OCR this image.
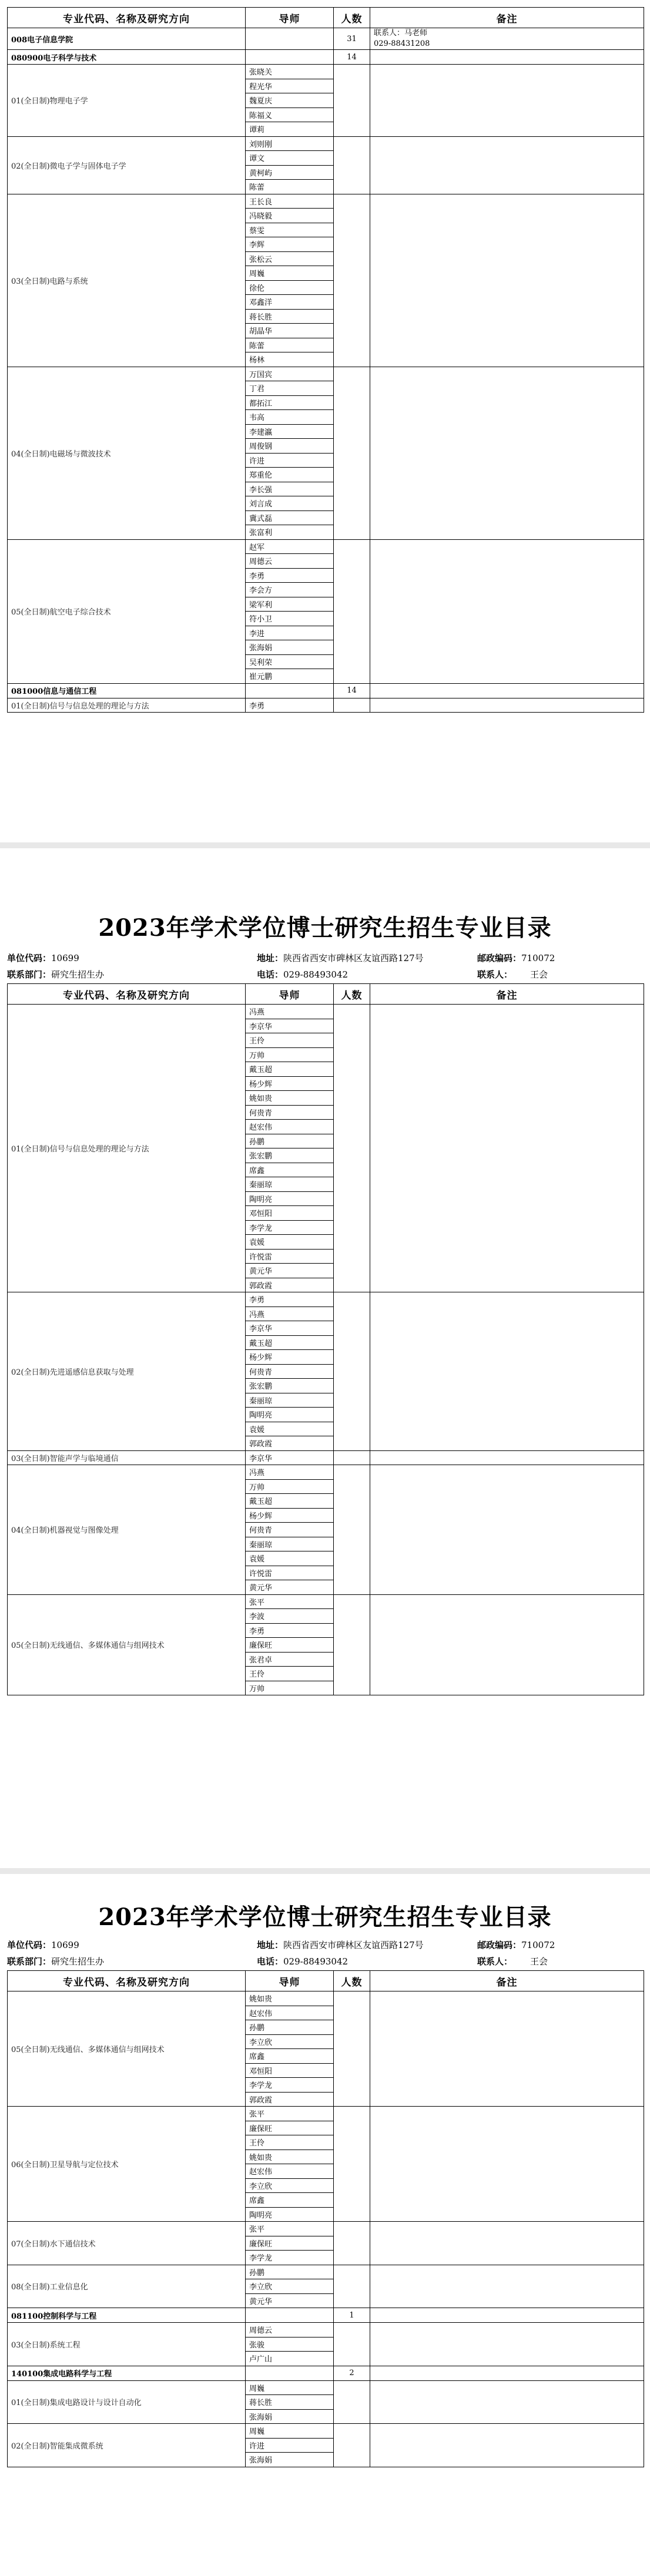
专业代码、名称及研究方向	导师	人数	备注
008电子信息学院		31	联系人：马老师
029-88431208
080900电子科学与技术		14	
01(全日制)物理电子学	张晓关		
	程光华		
	魏夏庆		
	陈福义		
	谭莉		
02(全日制)微电子学与固体电子学	刘则刚		
	谭文		
	黄柯屿		
	陈蕾		
03(全日制)电路与系统	王长良		
	冯晓毅		
	蔡雯		
	李辉		
	张松云		
	周巍		
	徐伦		
	邓鑫洋		
	蒋长胜		
	胡晶华		
	陈蕾		
	杨林		
04(全日制)电磁场与微波技术	万国宾		
	丁君		
	都拓江		
	韦高		
	李建瀛		
	周俊钢		
	许进		
	郑重伦		
	李长强		
	刘言成		
	冀式磊		
	张富利		
05(全日制)航空电子综合技术	赵军		
	周德云		
	李勇		
	李会方		
	梁军利		
	符小卫		
	李进		
	张海娟		
	吴利荣		
	崔元鹏		
081000信息与通信工程		14	
01(全日制)信号与信息处理的理论与方法	李勇		
2023年学术学位博士研究生招生专业目录
单位代码：10699	地址：陕西省西安市碑林区友谊西路127号	邮政编码：710072
联系部门：研究生招生办	电话：029-88493042	联系人： 王会
专业代码、名称及研究方向	导师	人数	备注
01(全日制)信号与信息处理的理论与方法	冯燕		
	李京华		
	王伶		
	万帅		
	戴玉超		
	杨少辉		
	姚如贵		
	何贵青		
	赵宏伟		
	孙鹏		
	张宏鹏		
	席鑫		
	秦丽琼		
	陶明亮		
	邓恒阳		
	李学龙		
	袁媛		
	许悦雷		
	黄元华		
	郭政霞		
02(全日制)先进遥感信息获取与处理	李勇		
	冯燕		
	李京华		
	戴玉超		
	杨少辉		
	何贵青		
	张宏鹏		
	秦丽琼		
	陶明亮		
	袁媛		
	郭政霞		
03(全日制)智能声学与临境通信	李京华		
04(全日制)机器视觉与图像处理	冯燕		
	万帅		
	戴玉超		
	杨少辉		
	何贵青		
	秦丽琼		
	袁媛		
	许悦雷		
	黄元华		
05(全日制)无线通信、多媒体通信与组网技术	张平		
	李波		
	李勇		
	廉保旺		
	张君卓		
	王伶		
	万帅		
2023年学术学位博士研究生招生专业目录
单位代码：10699	地址：陕西省西安市碑林区友谊西路127号	邮政编码：710072
联系部门：研究生招生办	电话：029-88493042	联系人： 王会
专业代码、名称及研究方向	导师	人数	备注
05(全日制)无线通信、多媒体通信与组网技术	姚如贵		
	赵宏伟		
	孙鹏		
	李立欣		
	席鑫		
	邓恒阳		
	李学龙		
	郭政霞		
06(全日制)卫星导航与定位技术	张平		
	廉保旺		
	王伶		
	姚如贵		
	赵宏伟		
	李立欣		
	席鑫		
	陶明亮		
07(全日制)水下通信技术	张平		
	廉保旺		
	李学龙		
08(全日制)工业信息化	孙鹏		
	李立欣		
	黄元华		
081100控制科学与工程		1	
03(全日制)系统工程	周德云		
	张骏		
	卢广山		
140100集成电路科学与工程		2	
01(全日制)集成电路设计与设计自动化	周巍		
	蒋长胜		
	张海娟		
02(全日制)智能集成微系统	周巍		
	许进		
	张海娟		
